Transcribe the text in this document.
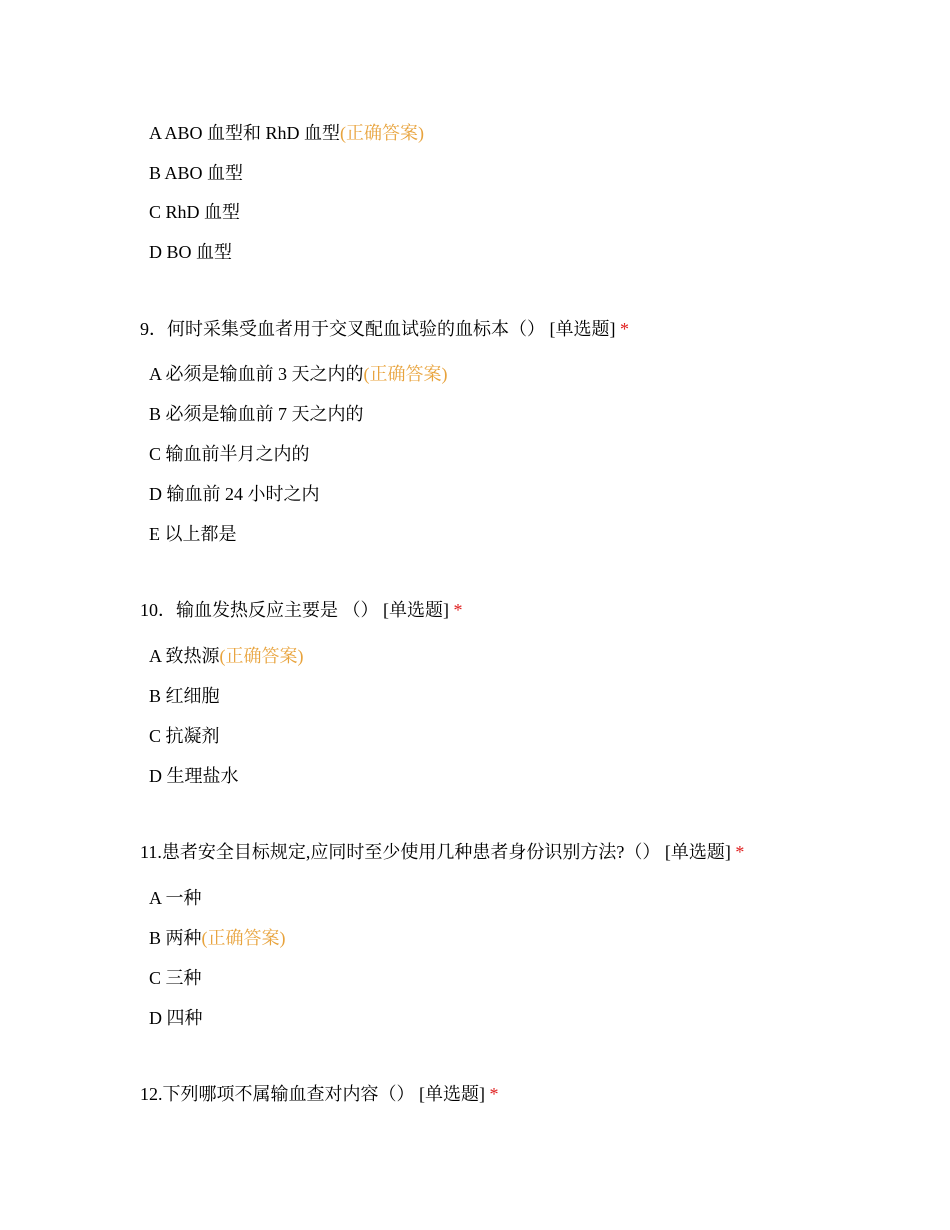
A ABO 血型和 RhD 血型(正确答案)
B ABO 血型
C RhD 血型
D BO 血型
9．何时采集受血者用于交叉配血试验的血标本（） [单选题] *
A 必须是输血前 3 天之内的(正确答案)
B 必须是输血前 7 天之内的
C 输血前半月之内的
D 输血前 24 小时之内
E 以上都是
10．输血发热反应主要是 （） [单选题] *
A 致热源(正确答案)
B 红细胞
C 抗凝剂
D 生理盐水
11.患者安全目标规定,应同时至少使用几种患者身份识别方法?（） [单选题] *
A 一种
B 两种(正确答案)
C 三种
D 四种
12.下列哪项不属输血查对内容（） [单选题] *
